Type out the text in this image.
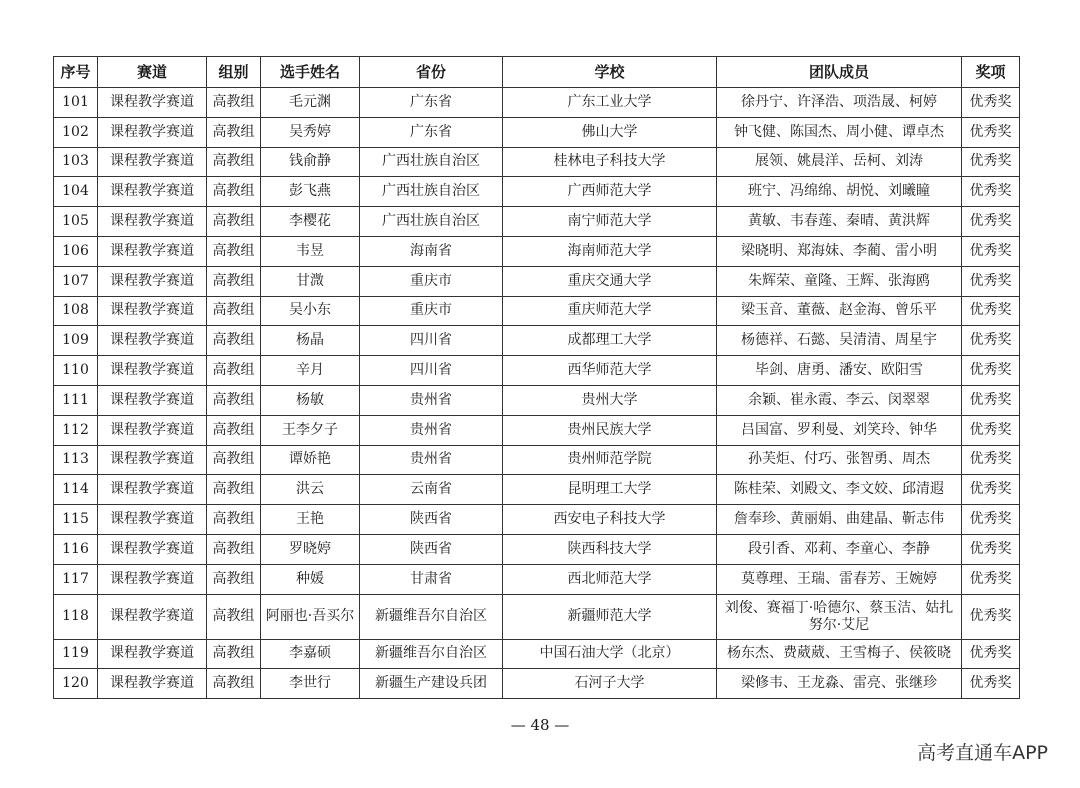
序号	赛道	组别	选手姓名	省份	学校	团队成员	奖项
101	课程教学赛道	高教组	毛元渊	广东省	广东工业大学	徐丹宁、许泽浩、项浩晟、柯婷	优秀奖
102	课程教学赛道	高教组	吴秀婷	广东省	佛山大学	钟飞健、陈国杰、周小健、谭卓杰	优秀奖
103	课程教学赛道	高教组	钱俞静	广西壮族自治区	桂林电子科技大学	展领、姚晨洋、岳柯、刘涛	优秀奖
104	课程教学赛道	高教组	彭飞燕	广西壮族自治区	广西师范大学	班宁、冯绵绵、胡悦、刘曦瞳	优秀奖
105	课程教学赛道	高教组	李樱花	广西壮族自治区	南宁师范大学	黄敏、韦春莲、秦晴、黄洪辉	优秀奖
106	课程教学赛道	高教组	韦昱	海南省	海南师范大学	梁晓明、郑海妹、李蔺、雷小明	优秀奖
107	课程教学赛道	高教组	甘溦	重庆市	重庆交通大学	朱辉荣、童隆、王辉、张海鸥	优秀奖
108	课程教学赛道	高教组	吴小东	重庆市	重庆师范大学	梁玉音、董薇、赵金海、曾乐平	优秀奖
109	课程教学赛道	高教组	杨晶	四川省	成都理工大学	杨德祥、石懿、吴清清、周星宇	优秀奖
110	课程教学赛道	高教组	辛月	四川省	西华师范大学	毕剑、唐勇、潘安、欧阳雪	优秀奖
111	课程教学赛道	高教组	杨敏	贵州省	贵州大学	余颖、崔永霞、李云、闵翠翠	优秀奖
112	课程教学赛道	高教组	王李夕子	贵州省	贵州民族大学	吕国富、罗利曼、刘笑玲、钟华	优秀奖
113	课程教学赛道	高教组	谭娇艳	贵州省	贵州师范学院	孙芙炬、付巧、张智勇、周杰	优秀奖
114	课程教学赛道	高教组	洪云	云南省	昆明理工大学	陈桂荣、刘殿文、李文姣、邱清遐	优秀奖
115	课程教学赛道	高教组	王艳	陕西省	西安电子科技大学	詹奉珍、黄丽娟、曲建晶、靳志伟	优秀奖
116	课程教学赛道	高教组	罗晓婷	陕西省	陕西科技大学	段引香、邓莉、李童心、李静	优秀奖
117	课程教学赛道	高教组	种媛	甘肃省	西北师范大学	莫尊理、王瑞、雷春芳、王婉婷	优秀奖
118	课程教学赛道	高教组	阿丽也·吾买尔	新疆维吾尔自治区	新疆师范大学	刘俊、赛福丁·哈德尔、蔡玉洁、姑扎努尔·艾尼	优秀奖
119	课程教学赛道	高教组	李嘉硕	新疆维吾尔自治区	中国石油大学（北京）	杨东杰、费葳葳、王雪梅子、侯筱晓	优秀奖
120	课程教学赛道	高教组	李世行	新疆生产建设兵团	石河子大学	梁修韦、王龙淼、雷亮、张继珍	优秀奖
— 48 —
高考直通车APP
